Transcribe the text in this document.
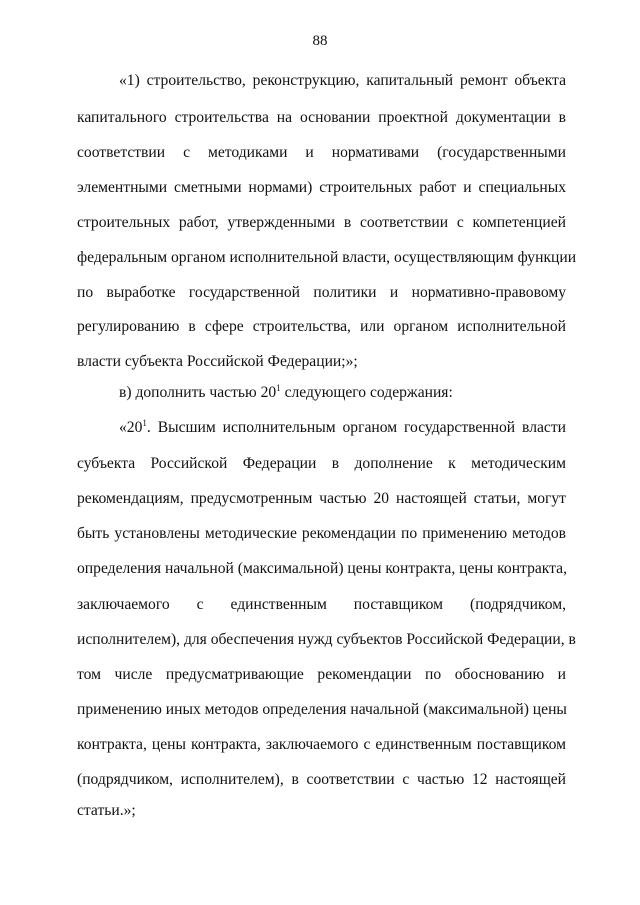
88
«1) строительство, реконструкцию, капитальный ремонт объекта
капитального строительства на основании проектной документации в
соответствии с методиками и нормативами (государственными
элементными сметными нормами) строительных работ и специальных
строительных работ, утвержденными в соответствии с компетенцией
федеральным органом исполнительной власти, осуществляющим функции
по выработке государственной политики и нормативно-правовому
регулированию в сфере строительства, или органом исполнительной
власти субъекта Российской Федерации;»;
в) дополнить частью $20^1$ следующего содержания:
«$20^1$. Высшим исполнительным органом государственной власти
субъекта Российской Федерации в дополнение к методическим
рекомендациям, предусмотренным частью 20 настоящей статьи, могут
быть установлены методические рекомендации по применению методов
определения начальной (максимальной) цены контракта, цены контракта,
заключаемого с единственным поставщиком (подрядчиком,
исполнителем), для обеспечения нужд субъектов Российской Федерации, в
том числе предусматривающие рекомендации по обоснованию и
применению иных методов определения начальной (максимальной) цены
контракта, цены контракта, заключаемого с единственным поставщиком
(подрядчиком, исполнителем), в соответствии с частью 12 настоящей
статьи.»;
